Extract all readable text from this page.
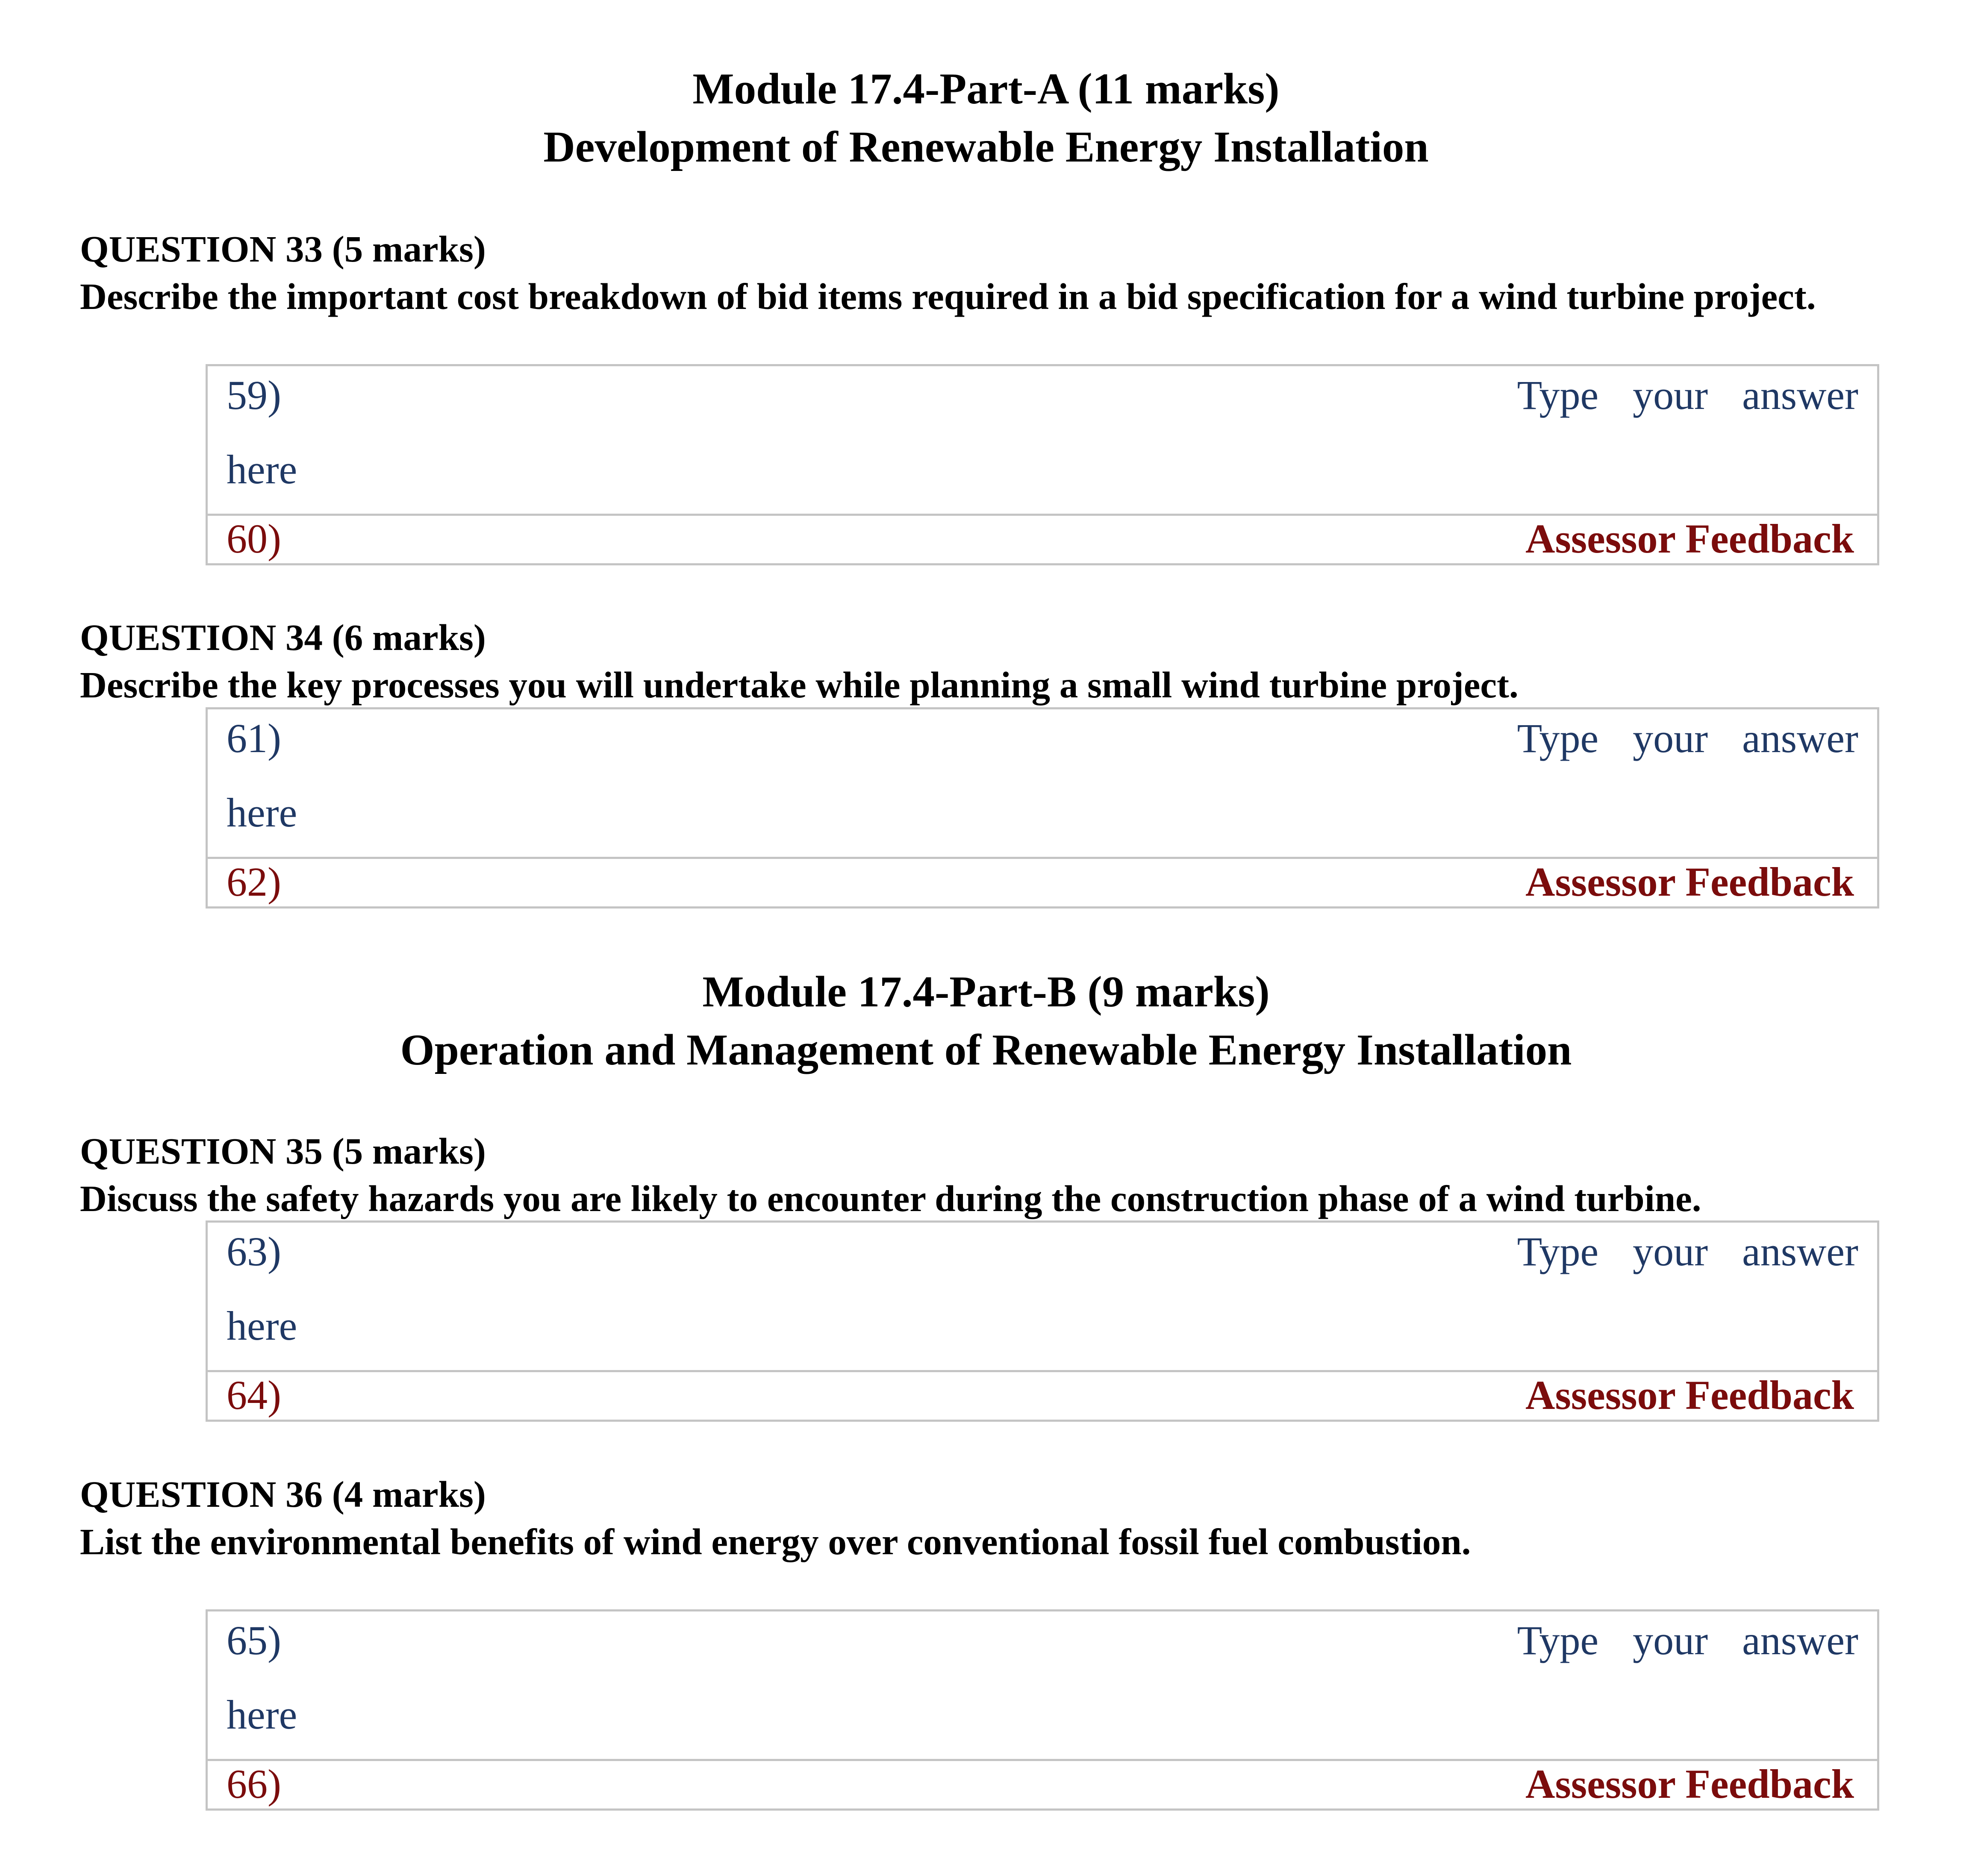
Module 17.4-Part-A (11 marks)
Development of Renewable Energy Installation
QUESTION 33 (5 marks)
Describe the important cost breakdown of bid items required in a bid specification for a wind turbine project.
59)	Type your answer
here
60)	Assessor Feedback
QUESTION 34 (6 marks)
Describe the key processes you will undertake while planning a small wind turbine project.
61)	Type your answer
here
62)	Assessor Feedback
Module 17.4-Part-B (9 marks)
Operation and Management of Renewable Energy Installation
QUESTION 35 (5 marks)
Discuss the safety hazards you are likely to encounter during the construction phase of a wind turbine.
63)	Type your answer
here
64)	Assessor Feedback
QUESTION 36 (4 marks)
List the environmental benefits of wind energy over conventional fossil fuel combustion.
65)	Type your answer
here
66)	Assessor Feedback
